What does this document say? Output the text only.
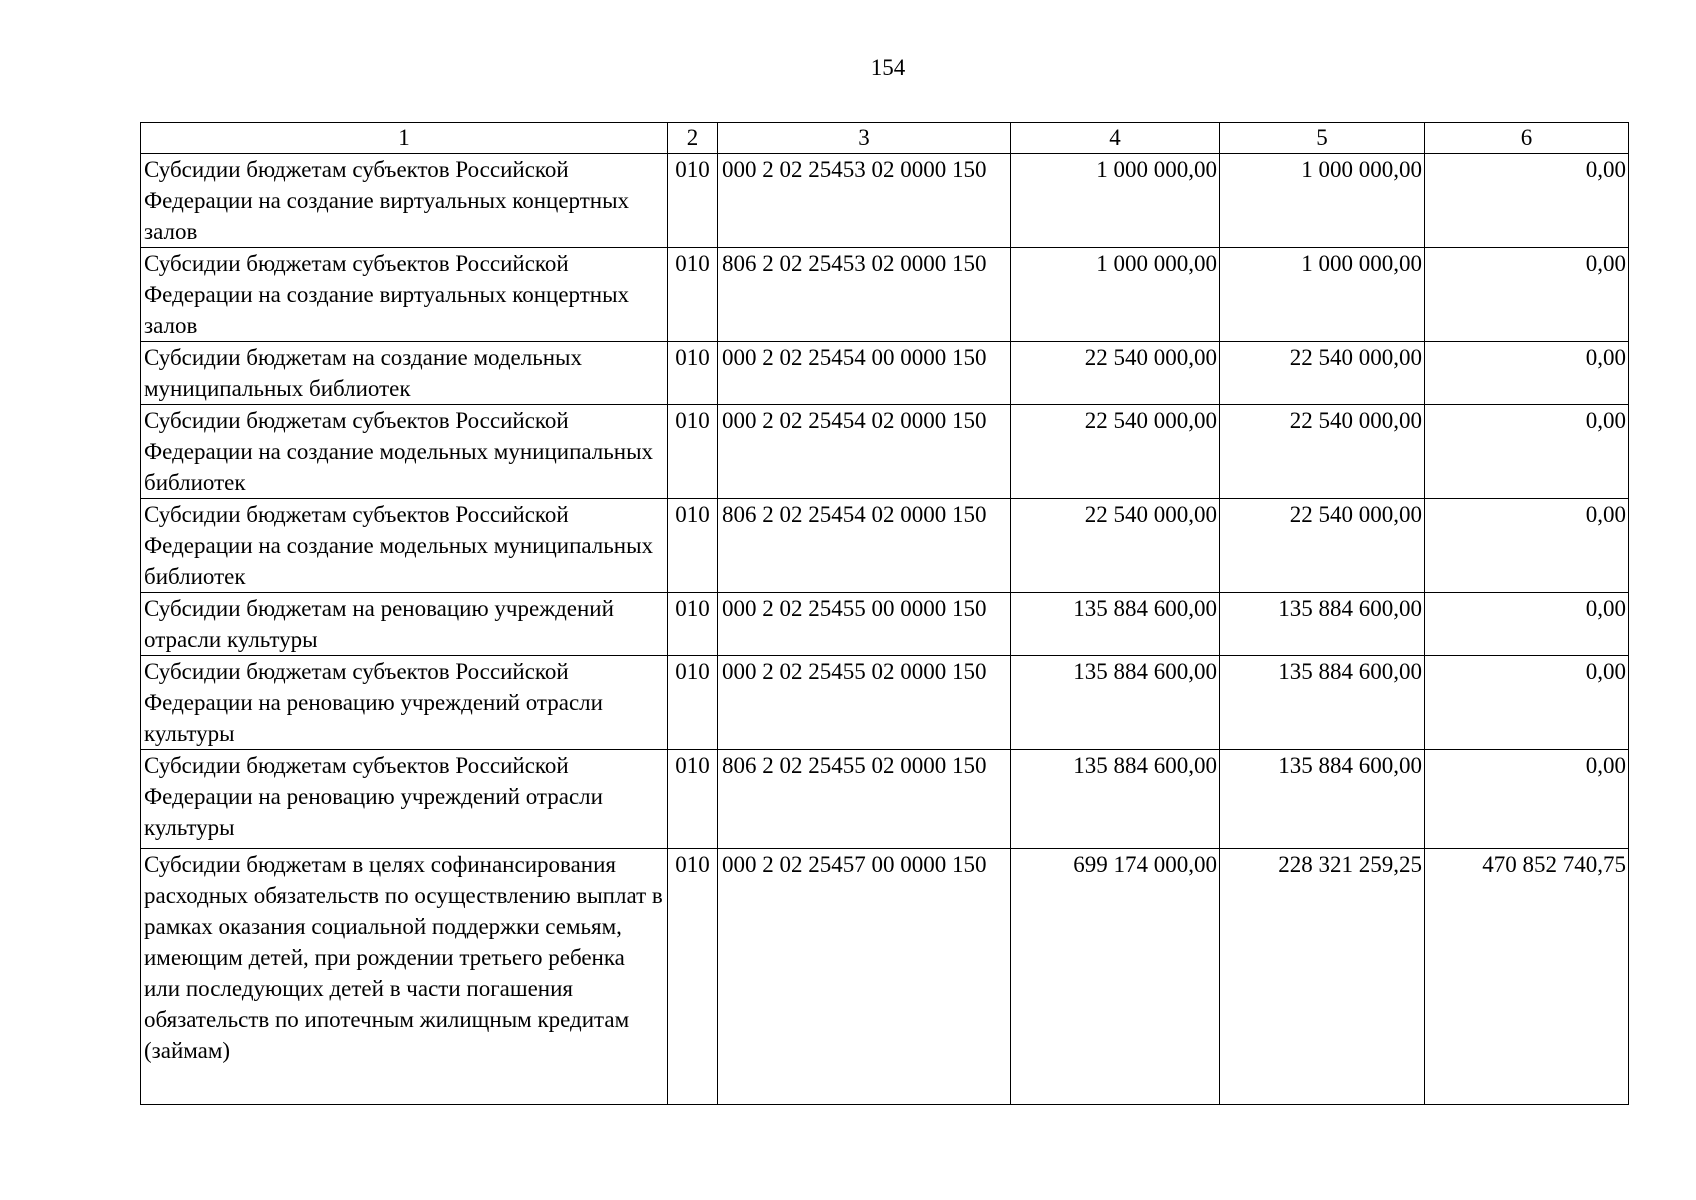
154
1	2	3	4	5	6
Субсидии бюджетам субъектов Российской Федерации на создание виртуальных концертных залов	010	000 2 02 25453 02 0000 150	1 000 000,00	1 000 000,00	0,00
Субсидии бюджетам субъектов Российской Федерации на создание виртуальных концертных залов	010	806 2 02 25453 02 0000 150	1 000 000,00	1 000 000,00	0,00
Субсидии бюджетам на создание модельных муниципальных библиотек	010	000 2 02 25454 00 0000 150	22 540 000,00	22 540 000,00	0,00
Субсидии бюджетам субъектов Российской Федерации на создание модельных муниципальных библиотек	010	000 2 02 25454 02 0000 150	22 540 000,00	22 540 000,00	0,00
Субсидии бюджетам субъектов Российской Федерации на создание модельных муниципальных библиотек	010	806 2 02 25454 02 0000 150	22 540 000,00	22 540 000,00	0,00
Субсидии бюджетам на реновацию учреждений отрасли культуры	010	000 2 02 25455 00 0000 150	135 884 600,00	135 884 600,00	0,00
Субсидии бюджетам субъектов Российской Федерации на реновацию учреждений отрасли культуры	010	000 2 02 25455 02 0000 150	135 884 600,00	135 884 600,00	0,00
Субсидии бюджетам субъектов Российской Федерации на реновацию учреждений отрасли культуры	010	806 2 02 25455 02 0000 150	135 884 600,00	135 884 600,00	0,00
Субсидии бюджетам в целях софинансирования расходных обязательств по осуществлению выплат в рамках оказания социальной поддержки семьям, имеющим детей, при рождении третьего ребенка или последующих детей в части погашения обязательств по ипотечным жилищным кредитам (займам)	010	000 2 02 25457 00 0000 150	699 174 000,00	228 321 259,25	470 852 740,75
